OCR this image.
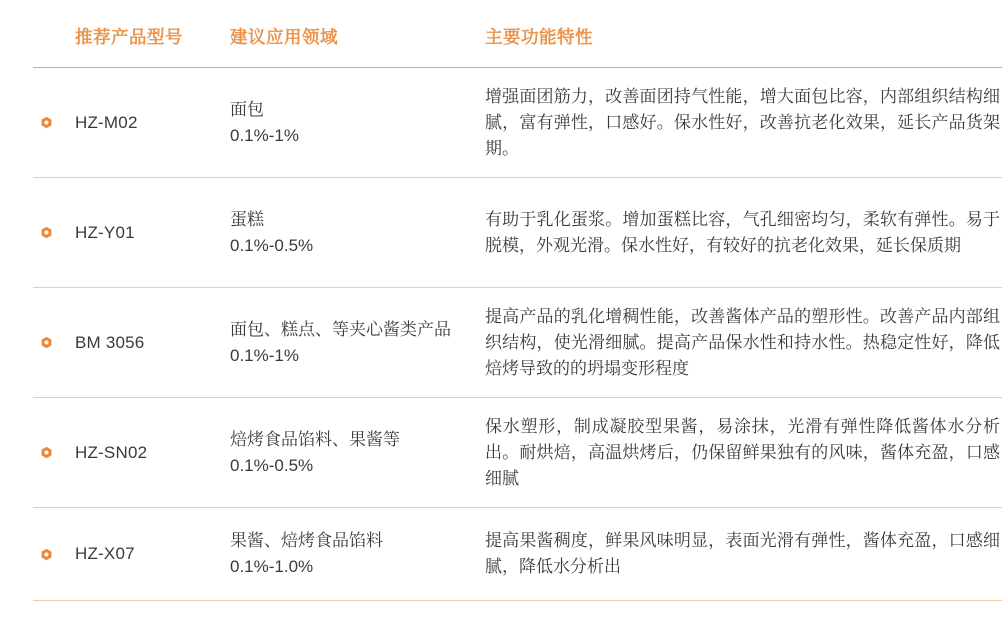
推荐产品型号	建议应用领域	主要功能特性
HZ-M02
面包
0.1%-1%
增强面团筋力，改善面团持气性能，增大面包比容，内部组织结构细腻，富有弹性，口感好。保水性好，改善抗老化效果，延长产品货架期。
HZ-Y01
蛋糕
0.1%-0.5%
有助于乳化蛋浆。增加蛋糕比容，气孔细密均匀，柔软有弹性。易于脱模，外观光滑。保水性好，有较好的抗老化效果，延长保质期
BM 3056
面包、糕点、等夹心酱类产品
0.1%-1%
提高产品的乳化增稠性能，改善酱体产品的塑形性。改善产品内部组织结构，使光滑细腻。提高产品保水性和持水性。热稳定性好，降低焙烤导致的的坍塌变形程度
HZ-SN02
焙烤食品馅料、果酱等
0.1%-0.5%
保水塑形，制成凝胶型果酱，易涂抹，光滑有弹性降低酱体水分析出。耐烘焙，高温烘烤后，仍保留鲜果独有的风味，酱体充盈，口感细腻
HZ-X07
果酱、焙烤食品馅料
0.1%-1.0%
提高果酱稠度，鲜果风味明显，表面光滑有弹性，酱体充盈，口感细腻，降低水分析出
